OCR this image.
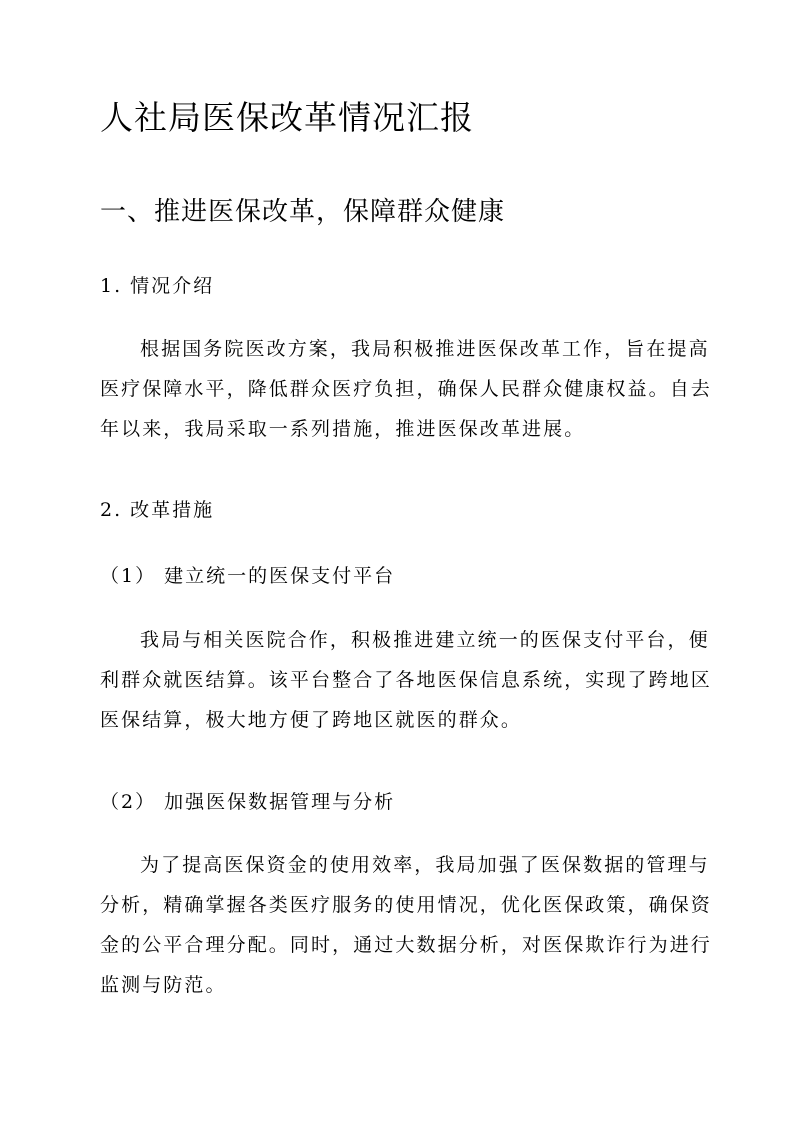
人社局医保改革情况汇报
一、推进医保改革，保障群众健康
1. 情况介绍
根据国务院医改方案，我局积极推进医保改革工作，旨在提高
医疗保障水平，降低群众医疗负担，确保人民群众健康权益。自去
年以来，我局采取一系列措施，推进医保改革进展。
2. 改革措施
（1） 建立统一的医保支付平台
我局与相关医院合作，积极推进建立统一的医保支付平台，便
利群众就医结算。该平台整合了各地医保信息系统，实现了跨地区
医保结算，极大地方便了跨地区就医的群众。
（2） 加强医保数据管理与分析
为了提高医保资金的使用效率，我局加强了医保数据的管理与
分析，精确掌握各类医疗服务的使用情况，优化医保政策，确保资
金的公平合理分配。同时，通过大数据分析，对医保欺诈行为进行
监测与防范。
